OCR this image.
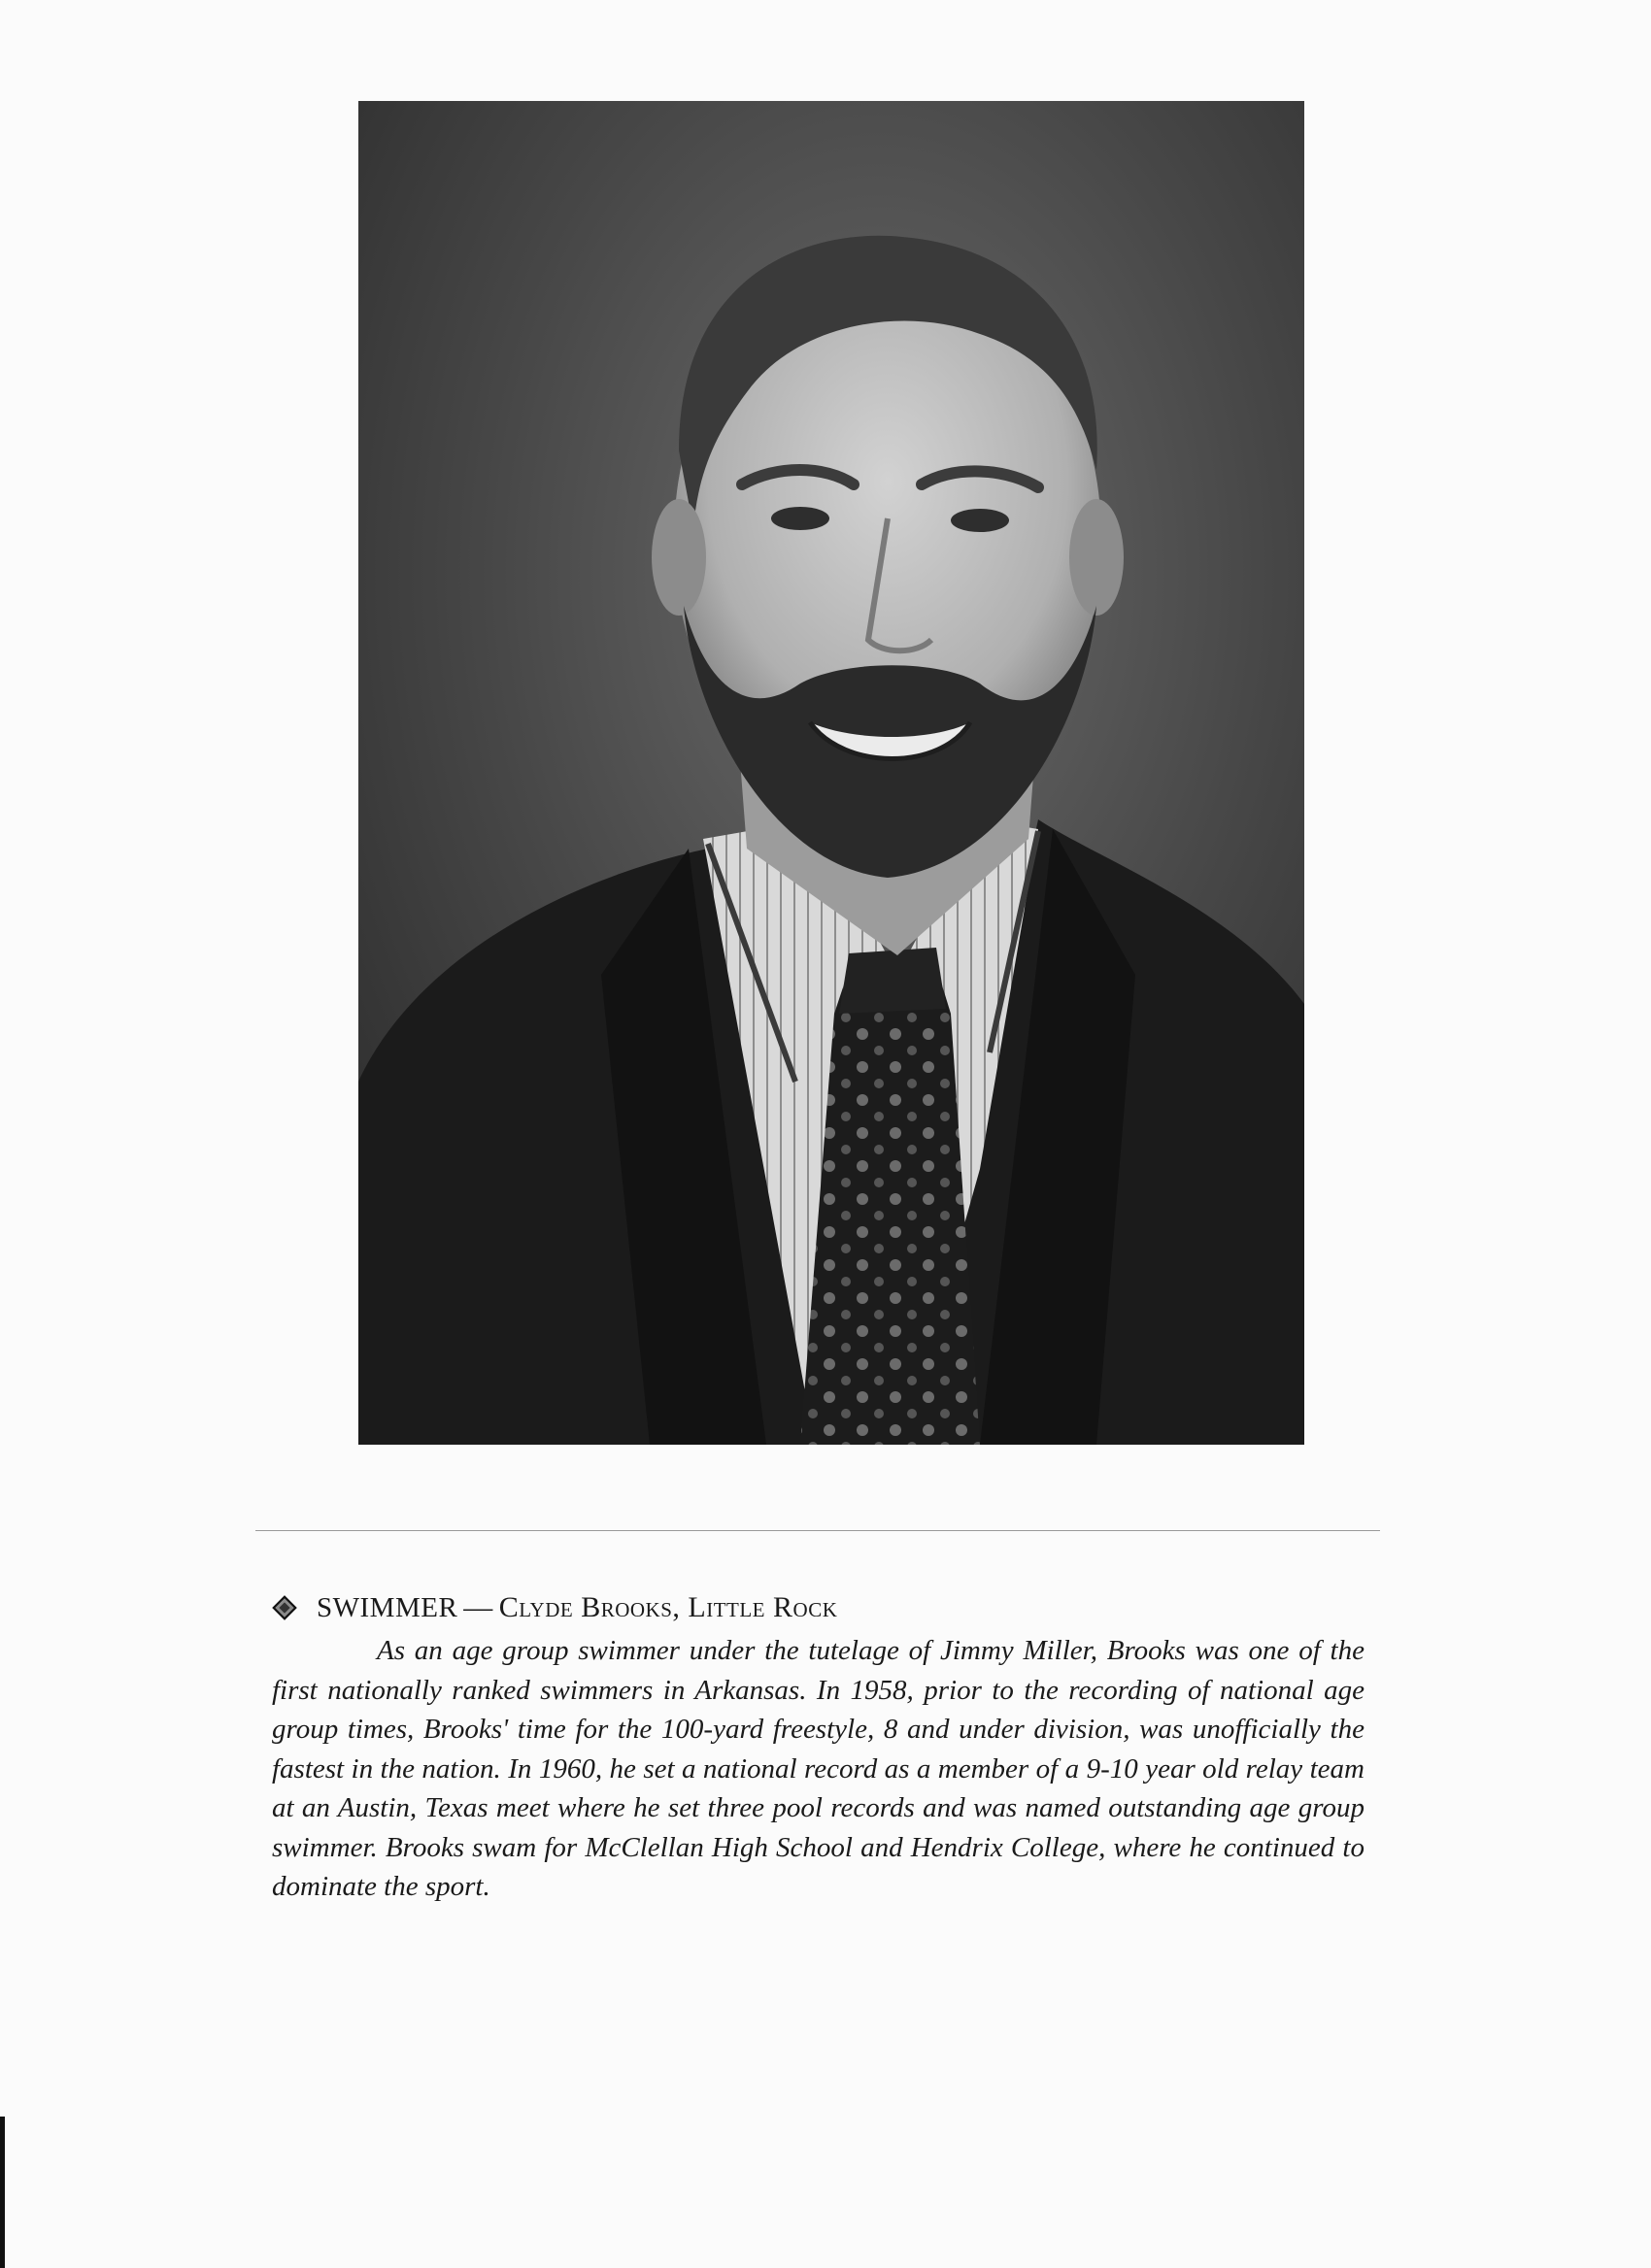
SWIMMER — Clyde Brooks, Little Rock

As an age group swimmer under the tutelage of Jimmy Miller, Brooks was one of the first nationally ranked swimmers in Arkansas. In 1958, prior to the recording of national age group times, Brooks' time for the 100-yard freestyle, 8 and under division, was unofficially the fastest in the nation. In 1960, he set a national record as a member of a 9-10 year old relay team at an Austin, Texas meet where he set three pool records and was named outstanding age group swimmer. Brooks swam for McClellan High School and Hendrix College, where he continued to dominate the sport.
